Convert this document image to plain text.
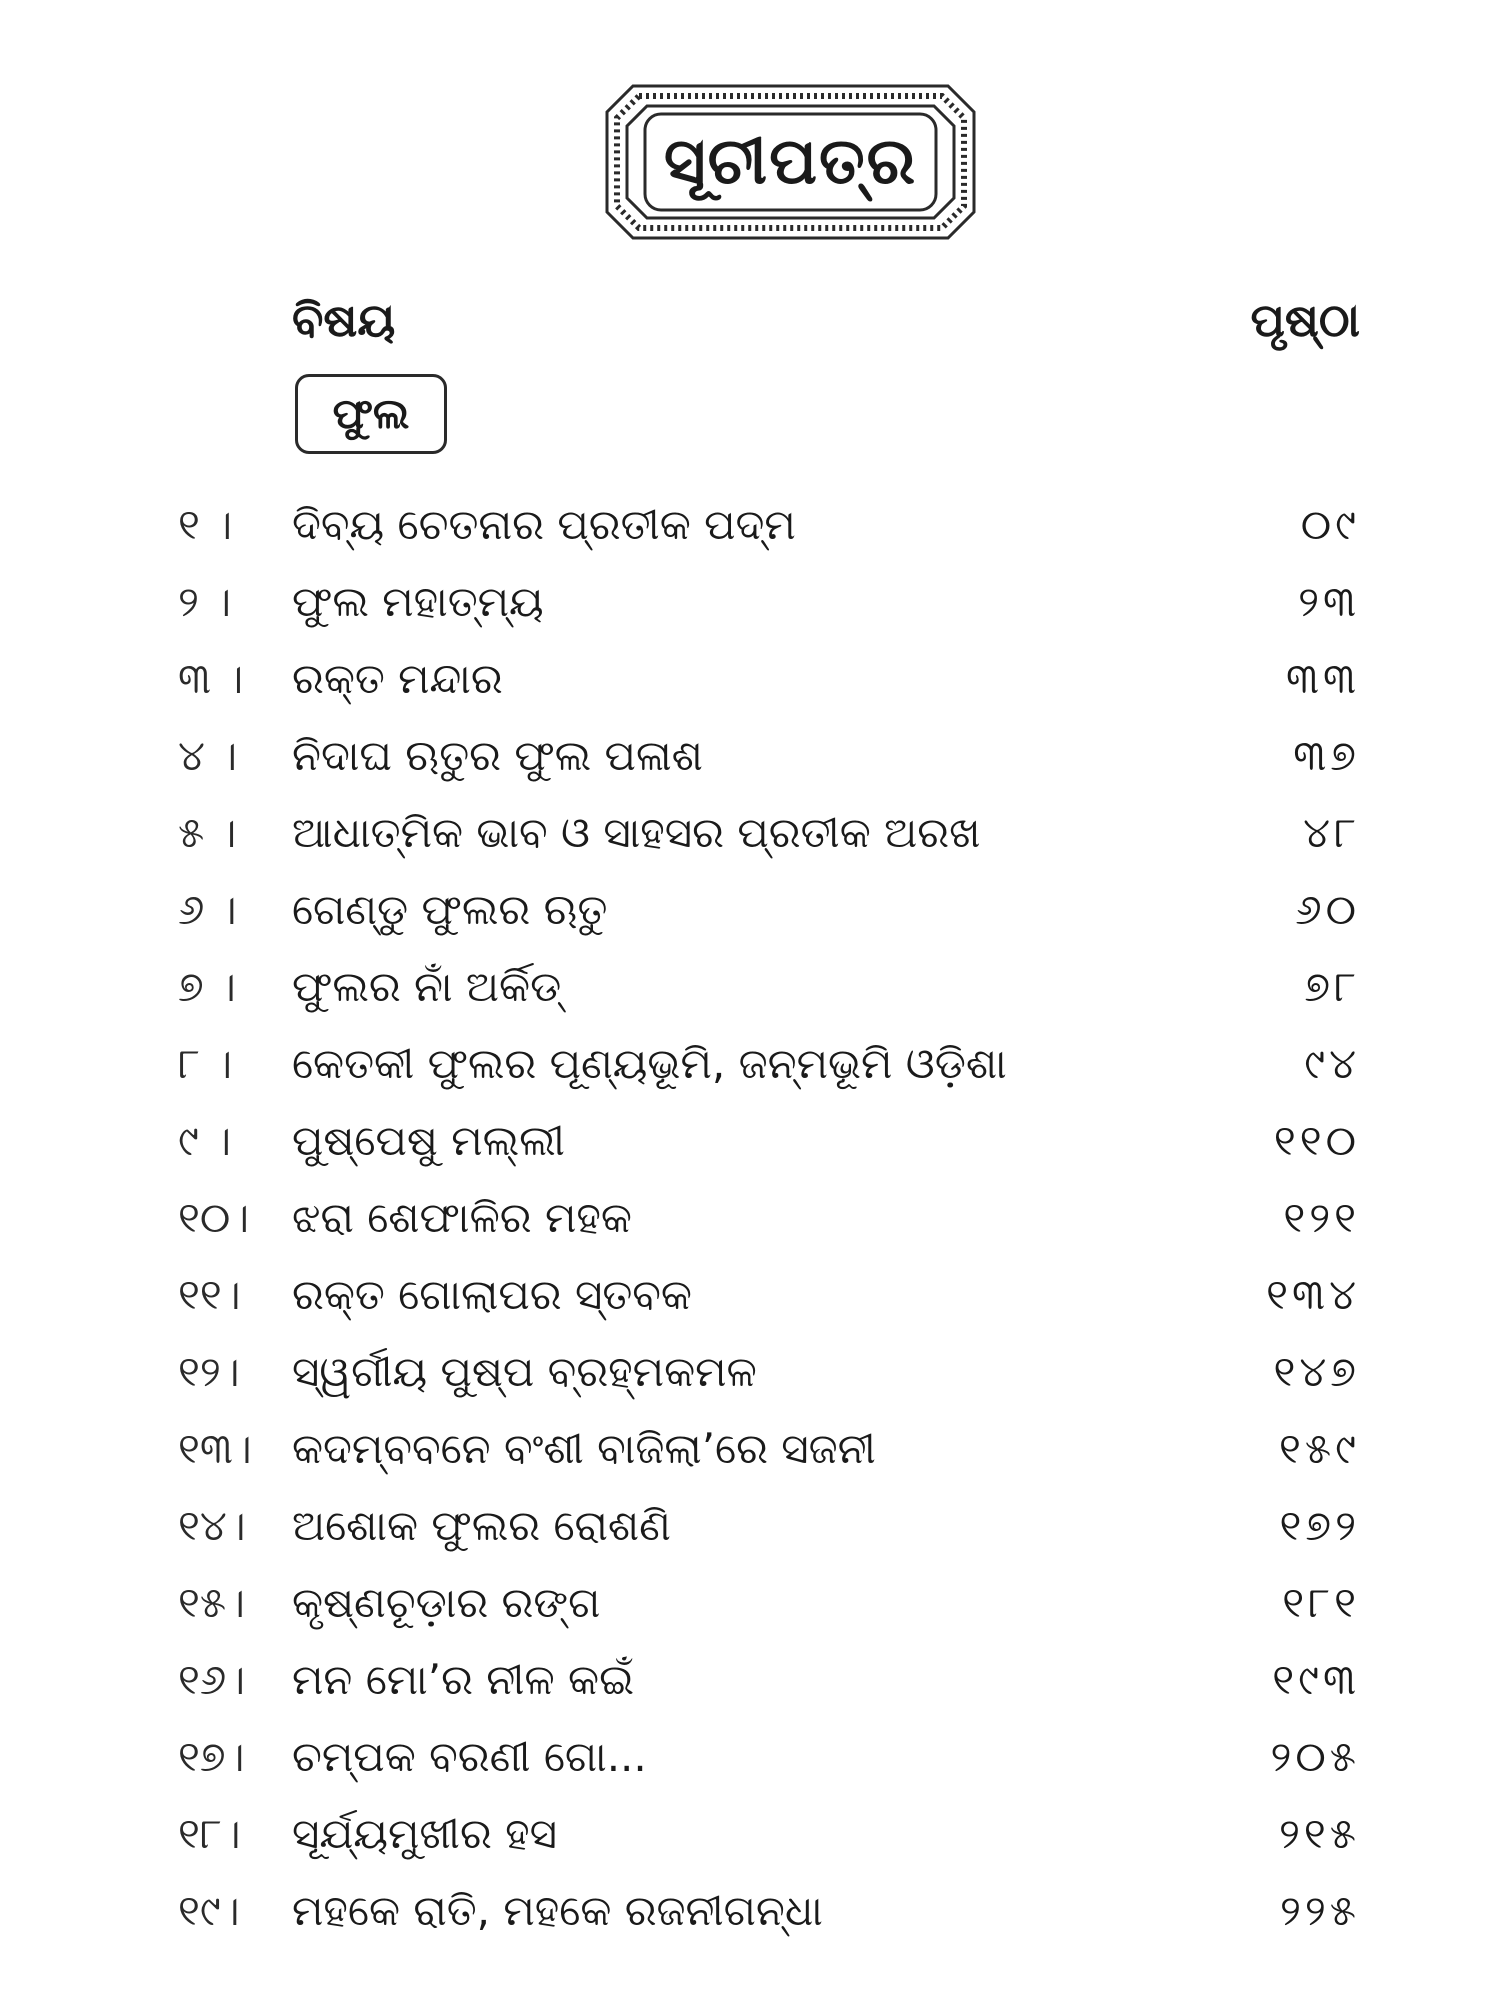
ସୂଚୀପତ୍ର
ବିଷୟ	ପୃଷ୍ଠା
ଫୁଲ
୧ ।	ଦିବ୍ୟ ଚେତନାର ପ୍ରତୀକ ପଦ୍ମ	୦୯
୨ ।	ଫୁଲ ମହାତ୍ମ୍ୟ	୨୩
୩ ।	ରକ୍ତ ମନ୍ଦାର	୩୩
୪ ।	ନିଦାଘ ଋତୁର ଫୁଲ ପଳାଶ	୩୭
୫ ।	ଆଧାତ୍ମିକ ଭାବ ଓ ସାହସର ପ୍ରତୀକ ଅରଖ	୪୮
୬ ।	ଗେଣ୍ଡୁ ଫୁଲର ଋତୁ	୬୦
୭ ।	ଫୁଲର ନାଁ ଅର୍କିଡ୍	୭୮
୮ ।	କେତକୀ ଫୁଲର ପୂଣ୍ୟଭୂମି, ଜନ୍ମଭୂମି ଓଡ଼ିଶା	୯୪
୯ ।	ପୁଷ୍ପେଷୁ ମଲ୍ଲୀ	୧୧୦
୧୦।	ଝରା ଶେଫାଳିର ମହକ	୧୨୧
୧୧।	ରକ୍ତ ଗୋଲାପର ସ୍ତବକ	୧୩୪
୧୨।	ସ୍ୱର୍ଗୀୟ ପୁଷ୍ପ ବ୍ରହ୍ମକମଳ	୧୪୭
୧୩। କଦମ୍ବବନେ ବଂଶୀ ବାଜିଲା’ରେ ସଜନୀ	୧୫୯
୧୪।	ଅଶୋକ ଫୁଲର ରୋଶଣି	୧୭୨
୧୫।	କୃଷ୍ଣଚୂଡ଼ାର ରଙ୍ଗ	୧୮୧
୧୬।	ମନ ମୋ’ର ନୀଳ କଇଁ	୧୯୩
୧୭।	ଚମ୍ପକ ବରଣୀ ଗୋ...	୨୦୫
୧୮।	ସୂର୍ଯ୍ୟମୁଖୀର ହସ	୨୧୫
୧୯।	ମହକେ ରାତି, ମହକେ ରଜନୀଗନ୍ଧା	୨୨୫
